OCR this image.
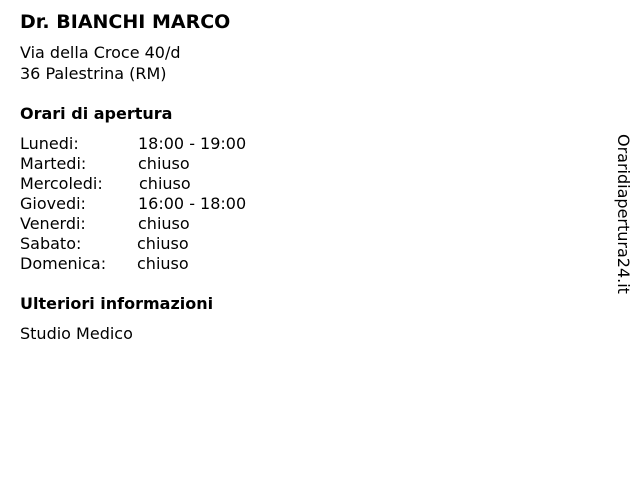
Dr. BIANCHI MARCO
Via della Croce 40/d
36 Palestrina (RM)
Orari di apertura
Lunedi:	18:00 - 19:00
Martedi:	chiuso
Mercoledi: chiuso
Giovedi:	16:00 - 18:00
Venerdi:	chiuso
Sabato:	chiuso
Domenica: chiuso
Ulteriori informazioni
Studio Medico
Oraridiapertura24.it
